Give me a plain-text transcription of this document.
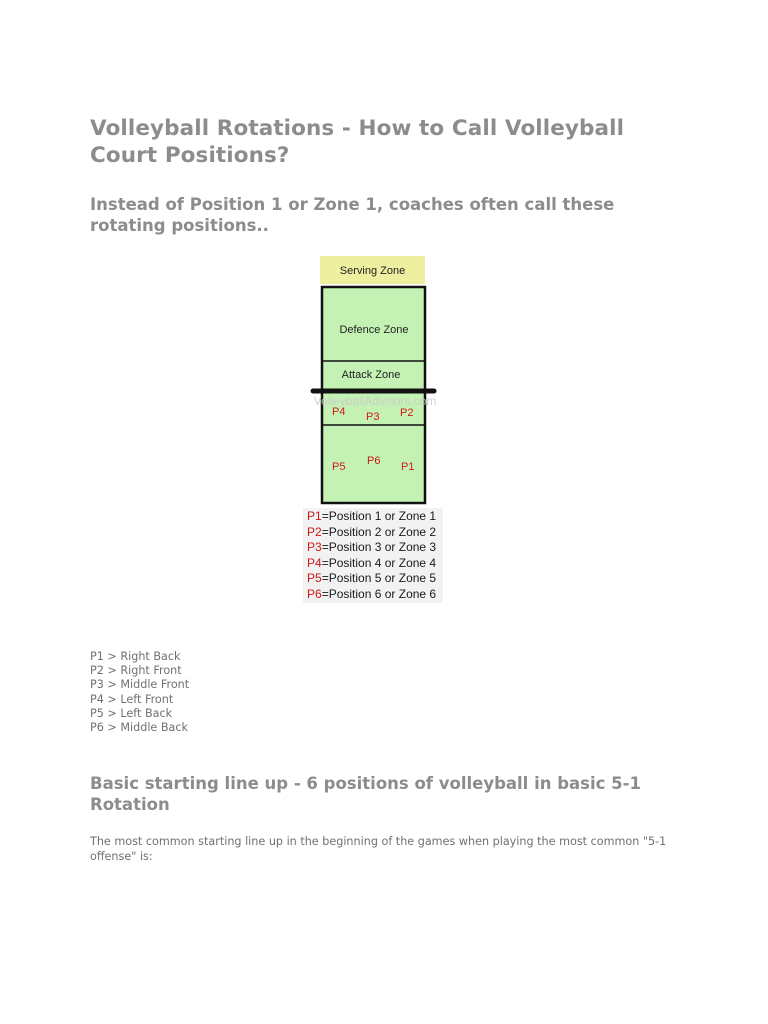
Volleyball Rotations - How to Call Volleyball Court Positions?
Instead of Position 1 or Zone 1, coaches often call these rotating positions..
Serving Zone
Defence Zone
Attack Zone
VolleyballAdvisors.com
P4 P3 P2
P5 P6 P1
P1=Position 1 or Zone 1
P2=Position 2 or Zone 2
P3=Position 3 or Zone 3
P4=Position 4 or Zone 4
P5=Position 5 or Zone 5
P6=Position 6 or Zone 6
P1 > Right Back
P2 > Right Front
P3 > Middle Front
P4 > Left Front
P5 > Left Back
P6 > Middle Back
Basic starting line up - 6 positions of volleyball in basic 5-1 Rotation

The most common starting line up in the beginning of the games when playing the most common "5-1 offense" is:
